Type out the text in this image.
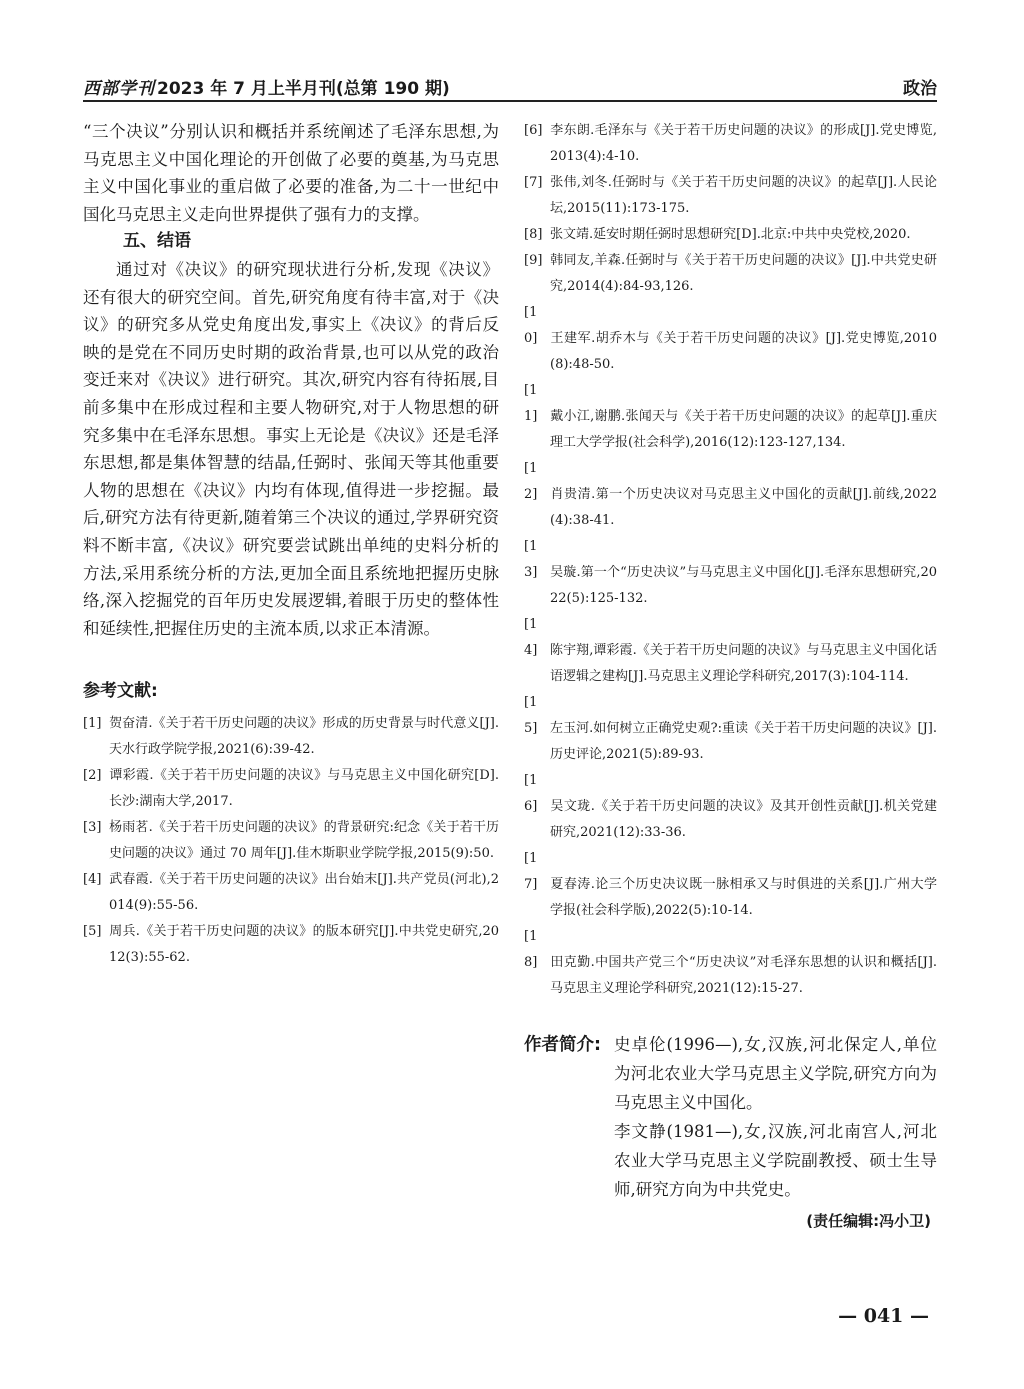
西部学刊 2023 年 7 月上半月刊(总第 190 期)	政治

“三个决议”分别认识和概括并系统阐述了毛泽东思想,为马克思主义中国化理论的开创做了必要的奠基,为马克思主义中国化事业的重启做了必要的准备,为二十一世纪中国化马克思主义走向世界提供了强有力的支撑。

五、结语

通过对《决议》的研究现状进行分析,发现《决议》还有很大的研究空间。首先,研究角度有待丰富,对于《决议》的研究多从党史角度出发,事实上《决议》的背后反映的是党在不同历史时期的政治背景,也可以从党的政治变迁来对《决议》进行研究。其次,研究内容有待拓展,目前多集中在形成过程和主要人物研究,对于人物思想的研究多集中在毛泽东思想。事实上无论是《决议》还是毛泽东思想,都是集体智慧的结晶,任弼时、张闻天等其他重要人物的思想在《决议》内均有体现,值得进一步挖掘。最后,研究方法有待更新,随着第三个决议的通过,学界研究资料不断丰富,《决议》研究要尝试跳出单纯的史料分析的方法,采用系统分析的方法,更加全面且系统地把握历史脉络,深入挖掘党的百年历史发展逻辑,着眼于历史的整体性和延续性,把握住历史的主流本质,以求正本清源。

参考文献:

[1] 贺奋清.《关于若干历史问题的决议》形成的历史背景与时代意义[J].天水行政学院学报,2021(6):39-42.

[2] 谭彩霞.《关于若干历史问题的决议》与马克思主义中国化研究[D].长沙:湖南大学,2017.

[3] 杨雨茗.《关于若干历史问题的决议》的背景研究:纪念《关于若干历史问题的决议》通过 70 周年[J].佳木斯职业学院学报,2015(9):50.

[4] 武春霞.《关于若干历史问题的决议》出台始末[J].共产党员(河北),2014(9):55-56.

[5] 周兵.《关于若干历史问题的决议》的版本研究[J].中共党史研究,2012(3):55-62.

[6] 李东朗.毛泽东与《关于若干历史问题的决议》的形成[J].党史博览,2013(4):4-10.

[7] 张伟,刘冬.任弼时与《关于若干历史问题的决议》的起草[J].人民论坛,2015(11):173-175.

[8] 张文靖.延安时期任弼时思想研究[D].北京:中共中央党校,2020.

[9] 韩同友,羊森.任弼时与《关于若干历史问题的决议》[J].中共党史研究,2014(4):84-93,126.

[10] 王建军.胡乔木与《关于若干历史问题的决议》[J].党史博览,2010(8):48-50.

[11] 戴小江,谢鹏.张闻天与《关于若干历史问题的决议》的起草[J].重庆理工大学学报(社会科学),2016(12):123-127,134.

[12] 肖贵清.第一个历史决议对马克思主义中国化的贡献[J].前线,2022(4):38-41.

[13] 吴璇.第一个“历史决议”与马克思主义中国化[J].毛泽东思想研究,2022(5):125-132.

[14] 陈宇翔,谭彩霞.《关于若干历史问题的决议》与马克思主义中国化话语逻辑之建构[J].马克思主义理论学科研究,2017(3):104-114.

[15] 左玉河.如何树立正确党史观?:重读《关于若干历史问题的决议》[J].历史评论,2021(5):89-93.

[16] 吴文珑.《关于若干历史问题的决议》及其开创性贡献[J].机关党建研究,2021(12):33-36.

[17] 夏春涛.论三个历史决议既一脉相承又与时俱进的关系[J].广州大学学报(社会科学版),2022(5):10-14.

[18] 田克勤.中国共产党三个“历史决议”对毛泽东思想的认识和概括[J].马克思主义理论学科研究,2021(12):15-27.

作者简介: 史卓伦(1996—),女,汉族,河北保定人,单位为河北农业大学马克思主义学院,研究方向为马克思主义中国化。

李文静(1981—),女,汉族,河北南宫人,河北农业大学马克思主义学院副教授、硕士生导师,研究方向为中共党史。

(责任编辑:冯小卫)
— 041 —
